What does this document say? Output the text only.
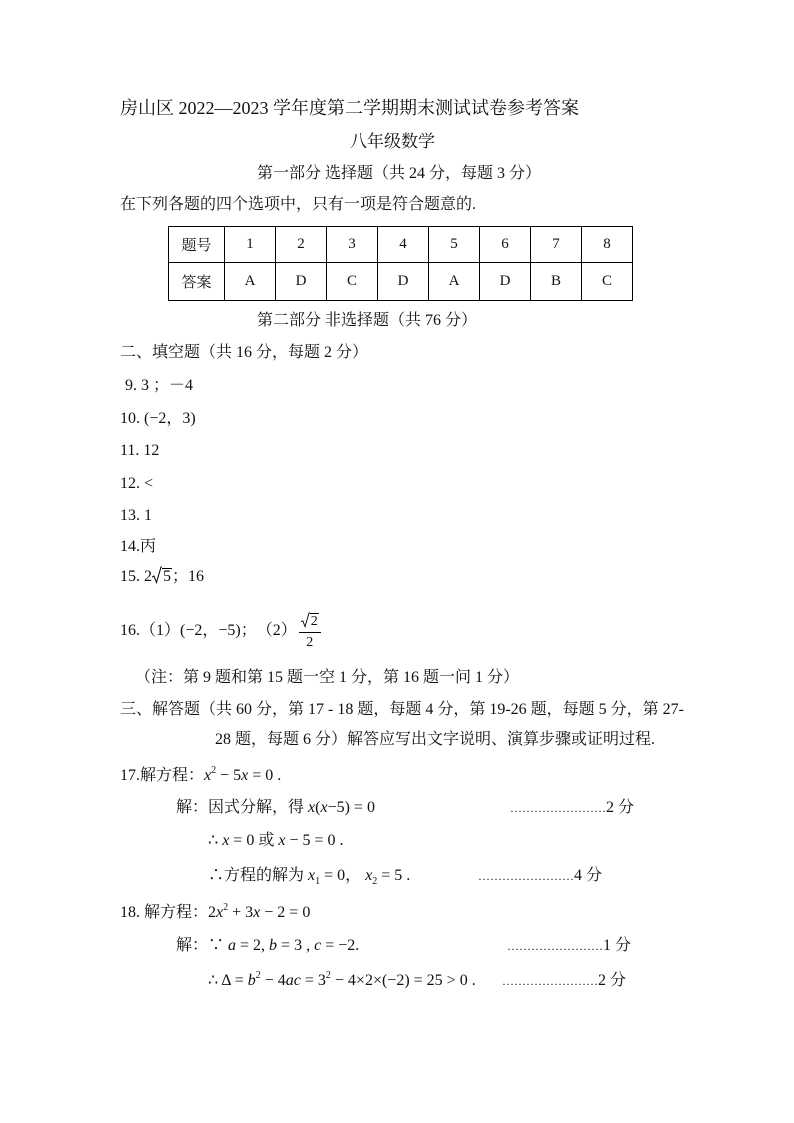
房山区 2022—2023 学年度第二学期期末测试试卷参考答案
八年级数学
第一部分 选择题（共 24 分，每题 3 分）
在下列各题的四个选项中，只有一项是符合题意的.
题号	1	2	3	4	5	6	7	8
答案	A	D	C	D	A	D	B	C
第二部分 非选择题（共 76 分）
二、填空题（共 16 分，每题 2 分）
9. 3 ；－4
10. (−2，3)
11. 12
12. <
13. 1
14.丙
15. 2 5；16
16. （1） (−2，−5) ； $(2) \frac{2}{2}$
（注：第 9 题和第 15 题一空 1 分，第 16 题一问 1 分）
三、解答题（共 60 分，第 17 - 18 题，每题 4 分，第 19-26 题，每题 5 分，第 27-
28 题，每题 6 分）解答应写出文字说明、演算步骤或证明过程.
17.解方程：$x^2 - 5x = 0$ .
解：因式分解，得 x(x−5) = 0	……………………2 分
∴ x = 0 或 x − 5 = 0 .
∴方程的解为 $x_1 = 0$， $x_2 = 5$ .	……………………4 分
18. 解方程：$2x^2 + 3x - 2 = 0$
解：∵ a = 2, b = 3 , c = −2.	……………………1 分
∴ $\Delta = b^2 - 4ac = 3^2 - 4\times 2\times(-2) = 25 > 0$ . ……………………2 分
